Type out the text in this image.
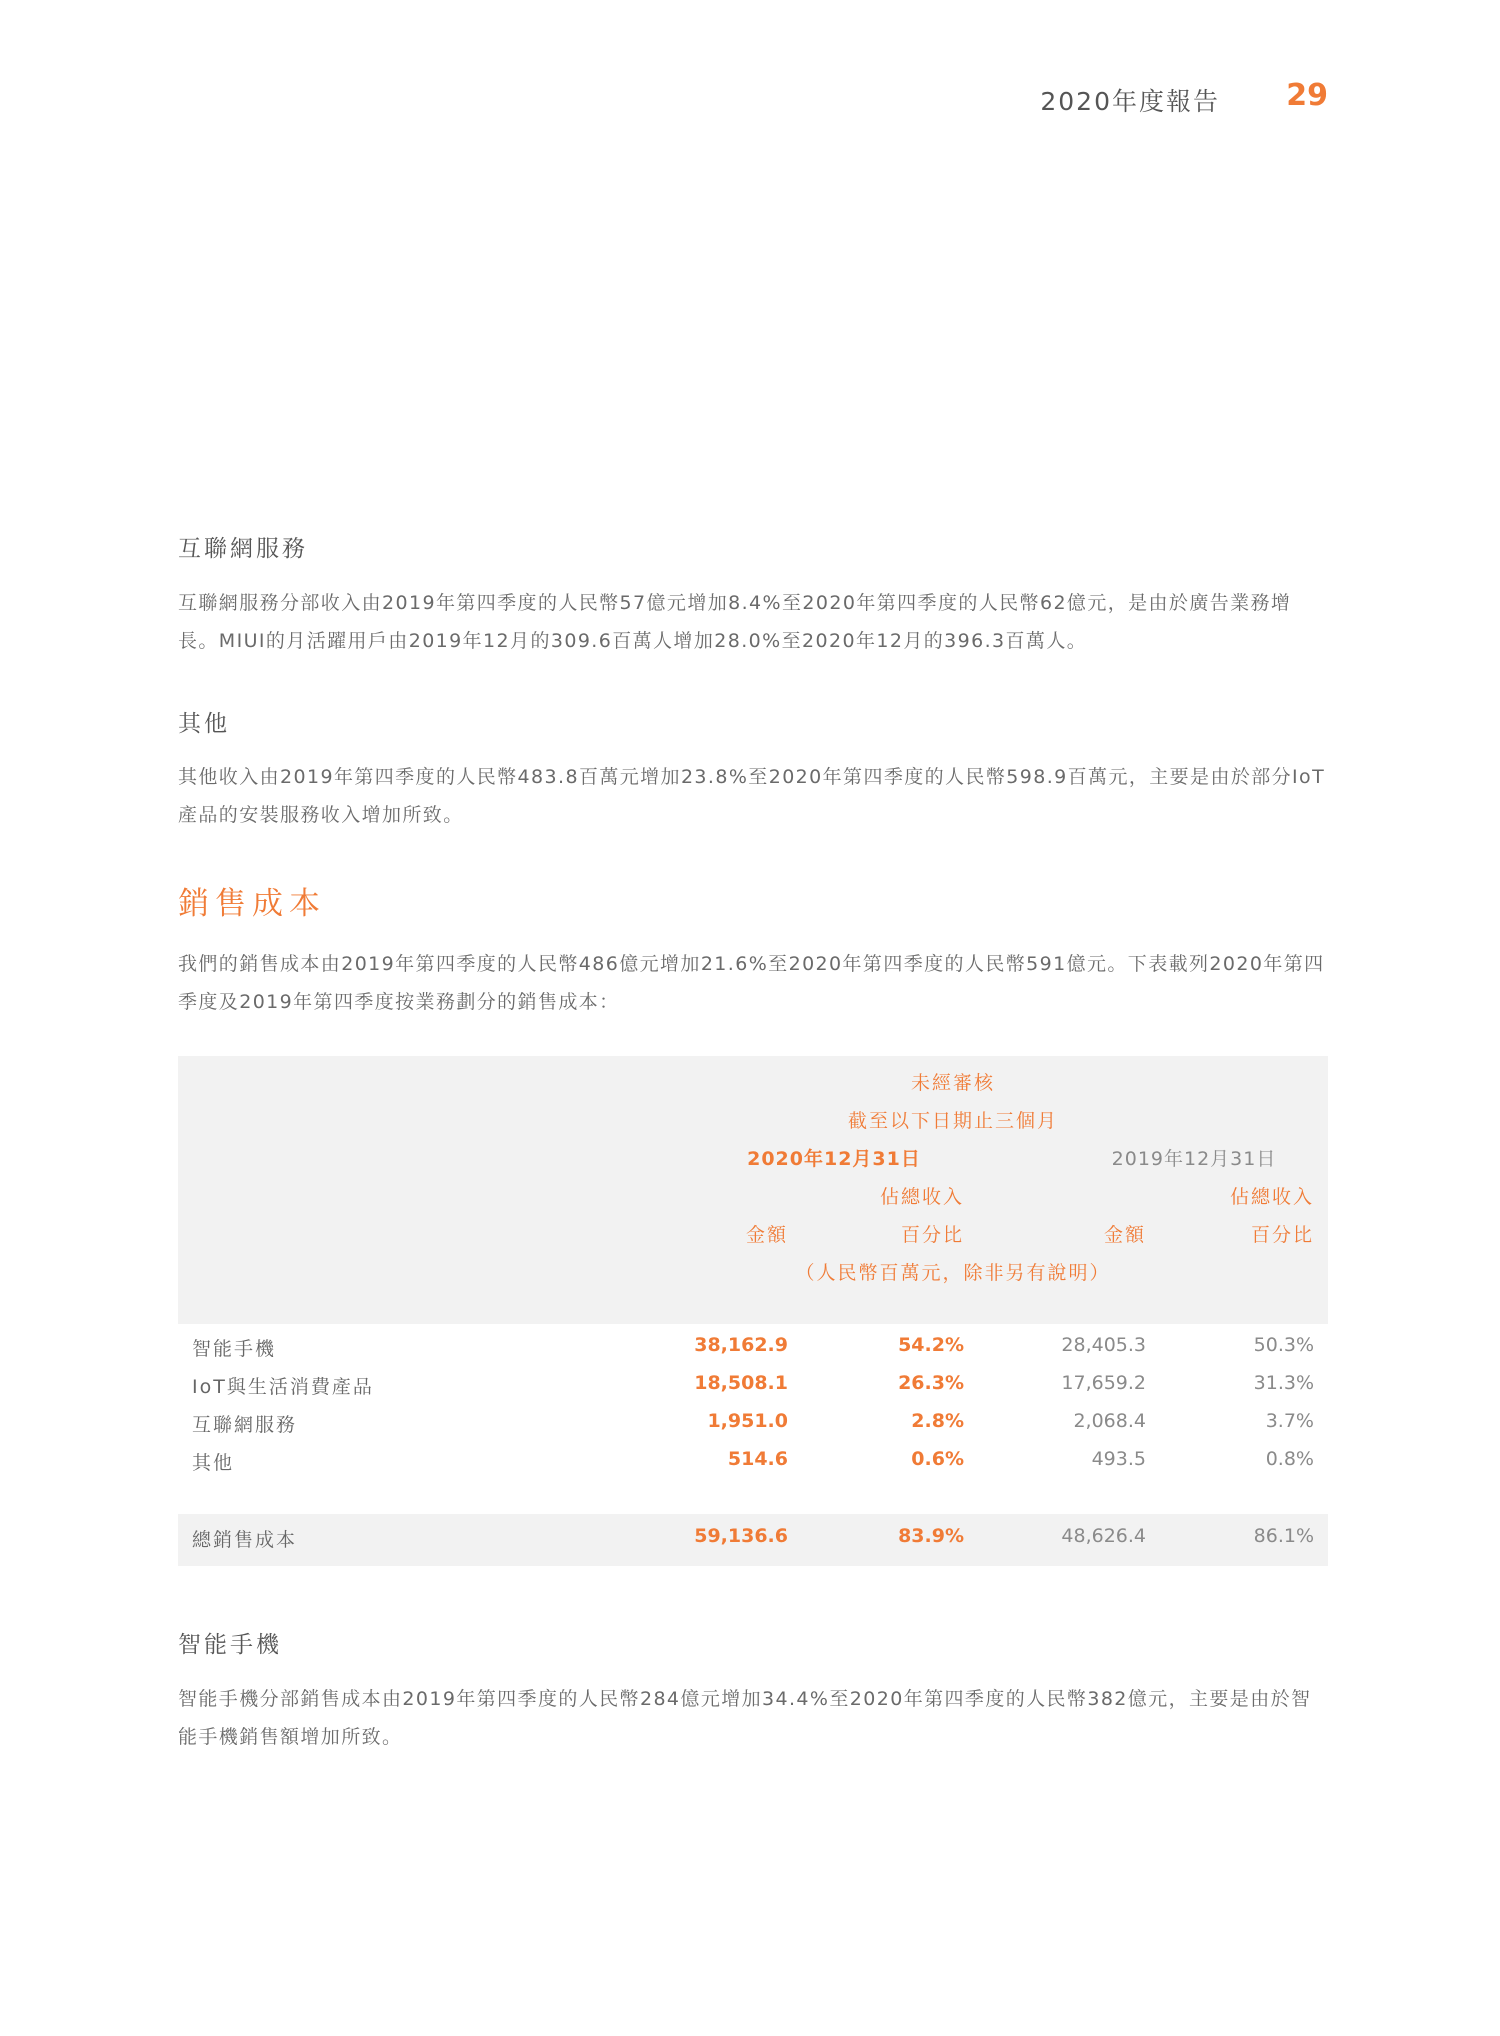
2020年度報告 29
互聯網服務
互聯網服務分部收入由2019年第四季度的人民幣57億元增加8.4%至2020年第四季度的人民幣62億元，是由於廣告業務增長。MIUI的月活躍用戶由2019年12月的309.6百萬人增加28.0%至2020年12月的396.3百萬人。
其他
其他收入由2019年第四季度的人民幣483.8百萬元增加23.8%至2020年第四季度的人民幣598.9百萬元，主要是由於部分IoT產品的安裝服務收入增加所致。
銷售成本
我們的銷售成本由2019年第四季度的人民幣486億元增加21.6%至2020年第四季度的人民幣591億元。下表載列2020年第四季度及2019年第四季度按業務劃分的銷售成本：
未經審核
截至以下日期止三個月
2020年12月31日	2019年12月31日
佔總收入	佔總收入
金額	百分比	金額	百分比
（人民幣百萬元，除非另有說明）
智能手機	38,162.9	54.2%	28,405.3	50.3%
IoT與生活消費產品	18,508.1	26.3%	17,659.2	31.3%
互聯網服務	1,951.0	2.8%	2,068.4	3.7%
其他	514.6	0.6%	493.5	0.8%
總銷售成本	59,136.6	83.9%	48,626.4	86.1%
智能手機
智能手機分部銷售成本由2019年第四季度的人民幣284億元增加34.4%至2020年第四季度的人民幣382億元，主要是由於智能手機銷售額增加所致。
